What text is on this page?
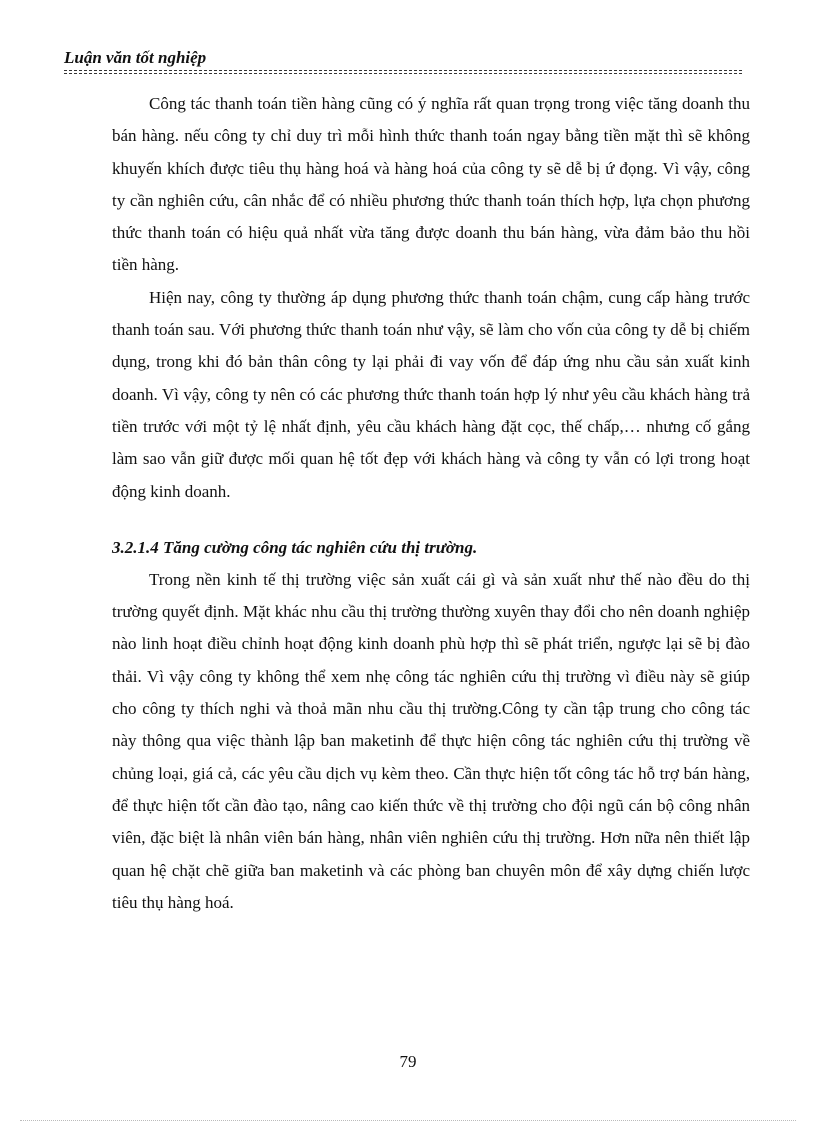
Luận văn tốt nghiệp

Công tác thanh toán tiền hàng cũng có ý nghĩa rất quan trọng trong việc tăng doanh thu bán hàng. nếu công ty chỉ duy trì mỗi hình thức thanh toán ngay bằng tiền mặt thì sẽ không khuyến khích được tiêu thụ hàng hoá và hàng hoá của công ty sẽ dễ bị ứ đọng. Vì vậy, công ty cần nghiên cứu, cân nhắc để có nhiều phương thức thanh toán thích hợp, lựa chọn phương thức thanh toán có hiệu quả nhất vừa tăng được doanh thu bán hàng, vừa đảm bảo thu hồi tiền hàng.

Hiện nay, công ty thường áp dụng phương thức thanh toán chậm, cung cấp hàng trước thanh toán sau. Với phương thức thanh toán như vậy, sẽ làm cho vốn của công ty dễ bị chiếm dụng, trong khi đó bản thân công ty lại phải đi vay vốn để đáp ứng nhu cầu sản xuất kinh doanh. Vì vậy, công ty nên có các phương thức thanh toán hợp lý như yêu cầu khách hàng trả tiền trước với một tỷ lệ nhất định, yêu cầu khách hàng đặt cọc, thế chấp,… nhưng cố gắng làm sao vẫn giữ được mối quan hệ tốt đẹp với khách hàng và công ty vẫn có lợi trong hoạt động kinh doanh.

3.2.1.4 Tăng cường công tác nghiên cứu thị trường.

Trong nền kinh tế thị trường việc sản xuất cái gì và sản xuất như thế nào đều do thị trường quyết định. Mặt khác nhu cầu thị trường thường xuyên thay đổi cho nên doanh nghiệp nào linh hoạt điều chỉnh hoạt động kinh doanh phù hợp thì sẽ phát triển, ngược lại sẽ bị đào thải. Vì vậy công ty không thể xem nhẹ công tác nghiên cứu thị trường vì điều này sẽ giúp cho công ty thích nghi và thoả mãn nhu cầu thị trường.Công ty cần tập trung cho công tác này thông qua việc thành lập ban maketinh để thực hiện công tác nghiên cứu thị trường về chủng loại, giá cả, các yêu cầu dịch vụ kèm theo. Cần thực hiện tốt công tác hỗ trợ bán hàng, để thực hiện tốt cần đào tạo, nâng cao kiến thức về thị trường cho đội ngũ cán bộ công nhân viên, đặc biệt là nhân viên bán hàng, nhân viên nghiên cứu thị trường. Hơn nữa nên thiết lập quan hệ chặt chẽ giữa ban maketinh và các phòng ban chuyên môn để xây dựng chiến lược tiêu thụ hàng hoá.

79
